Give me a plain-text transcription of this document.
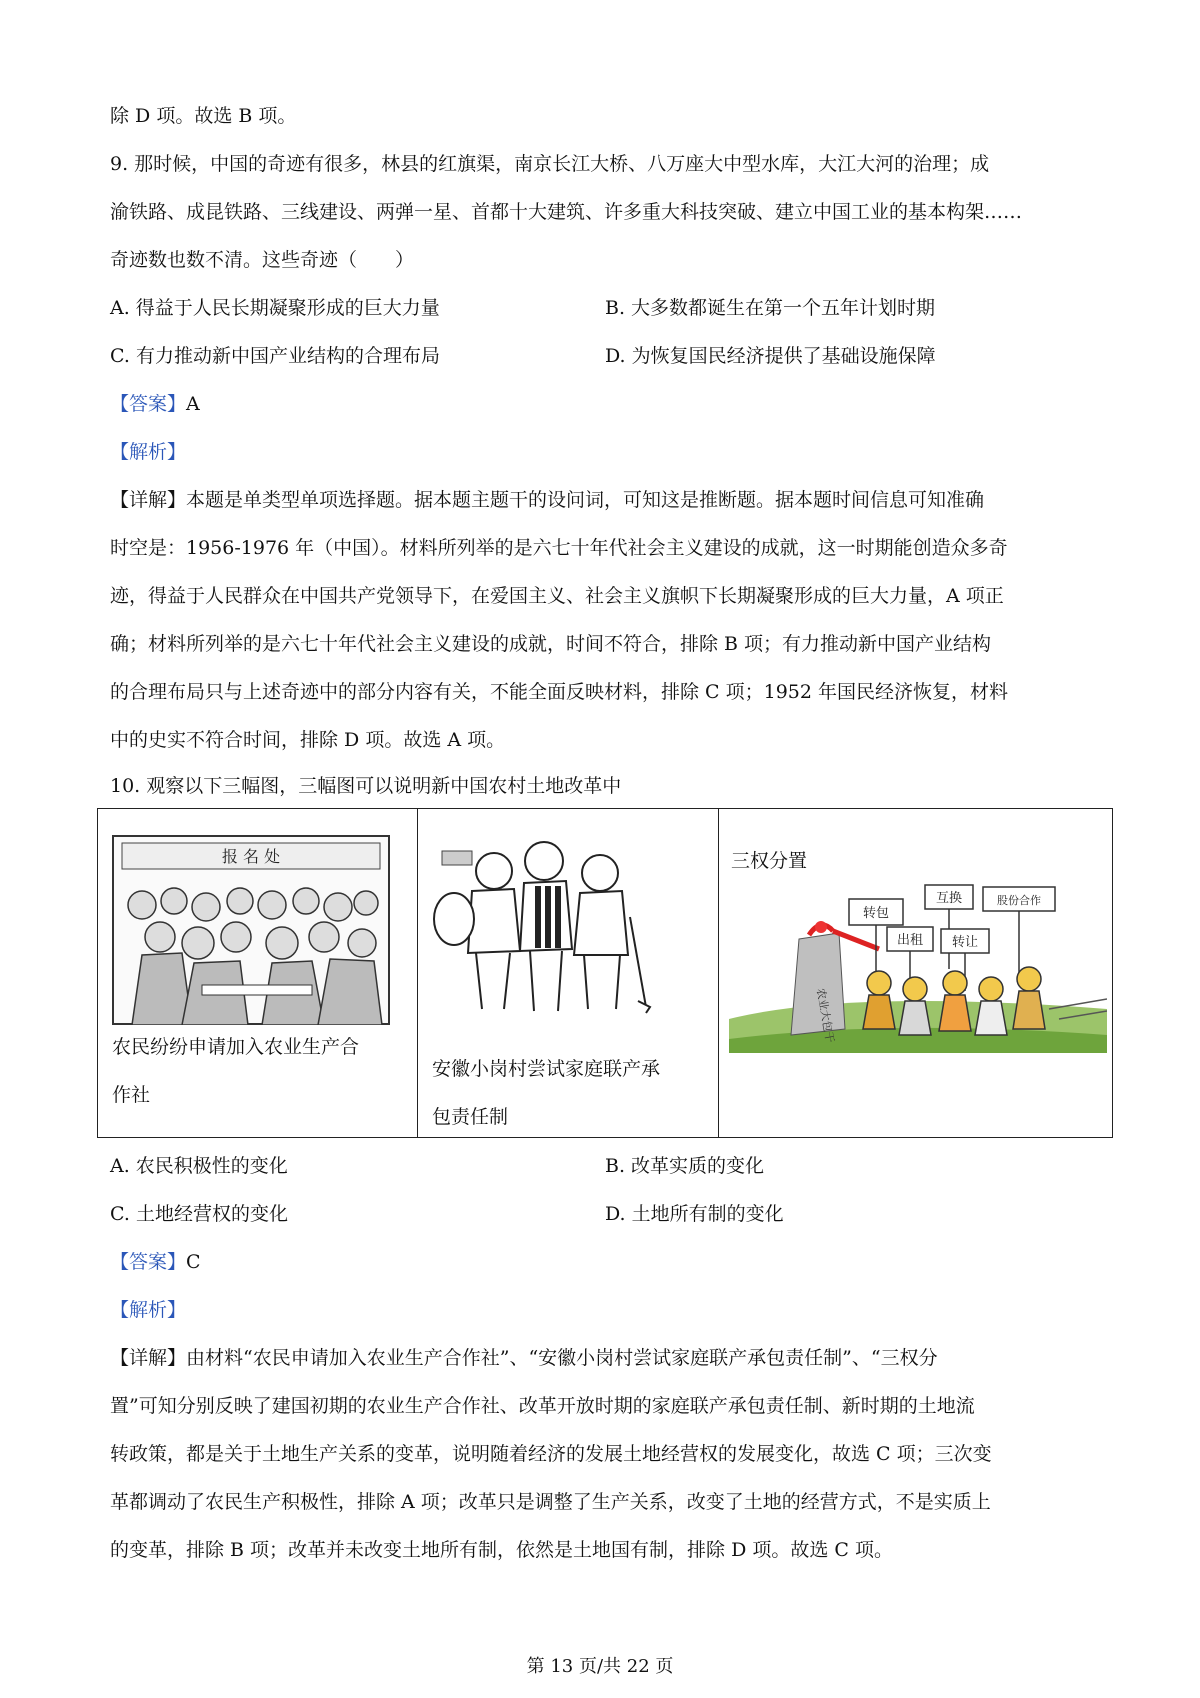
除 D 项。故选 B 项。
9. 那时候，中国的奇迹有很多，林县的红旗渠，南京长江大桥、八万座大中型水库，大江大河的治理；成
渝铁路、成昆铁路、三线建设、两弹一星、首都十大建筑、许多重大科技突破、建立中国工业的基本构架……
奇迹数也数不清。这些奇迹（　　）
A. 得益于人民长期凝聚形成的巨大力量	B. 大多数都诞生在第一个五年计划时期
C. 有力推动新中国产业结构的合理布局	D. 为恢复国民经济提供了基础设施保障
【答案】A
【解析】
【详解】本题是单类型单项选择题。据本题主题干的设问词，可知这是推断题。据本题时间信息可知准确
时空是：1956-1976 年（中国）。材料所列举的是六七十年代社会主义建设的成就，这一时期能创造众多奇
迹，得益于人民群众在中国共产党领导下，在爱国主义、社会主义旗帜下长期凝聚形成的巨大力量，A 项正
确；材料所列举的是六七十年代社会主义建设的成就，时间不符合，排除 B 项；有力推动新中国产业结构
的合理布局只与上述奇迹中的部分内容有关，不能全面反映材料，排除 C 项；1952 年国民经济恢复，材料
中的史实不符合时间，排除 D 项。故选 A 项。
10. 观察以下三幅图，三幅图可以说明新中国农村土地改革中
报 名 处
农民纷纷申请加入农业生产合
作社
安徽小岗村尝试家庭联产承
包责任制
三权分置
农业大包干
转包
互换	股份合作
出租 转让
A. 农民积极性的变化	B. 改革实质的变化
C. 土地经营权的变化	D. 土地所有制的变化
【答案】C
【解析】
【详解】由材料“农民申请加入农业生产合作社”、“安徽小岗村尝试家庭联产承包责任制”、“三权分
置”可知分别反映了建国初期的农业生产合作社、改革开放时期的家庭联产承包责任制、新时期的土地流
转政策，都是关于土地生产关系的变革，说明随着经济的发展土地经营权的发展变化，故选 C 项；三次变
革都调动了农民生产积极性，排除 A 项；改革只是调整了生产关系，改变了土地的经营方式，不是实质上
的变革，排除 B 项；改革并未改变土地所有制，依然是土地国有制，排除 D 项。故选 C 项。
第 13 页/共 22 页
